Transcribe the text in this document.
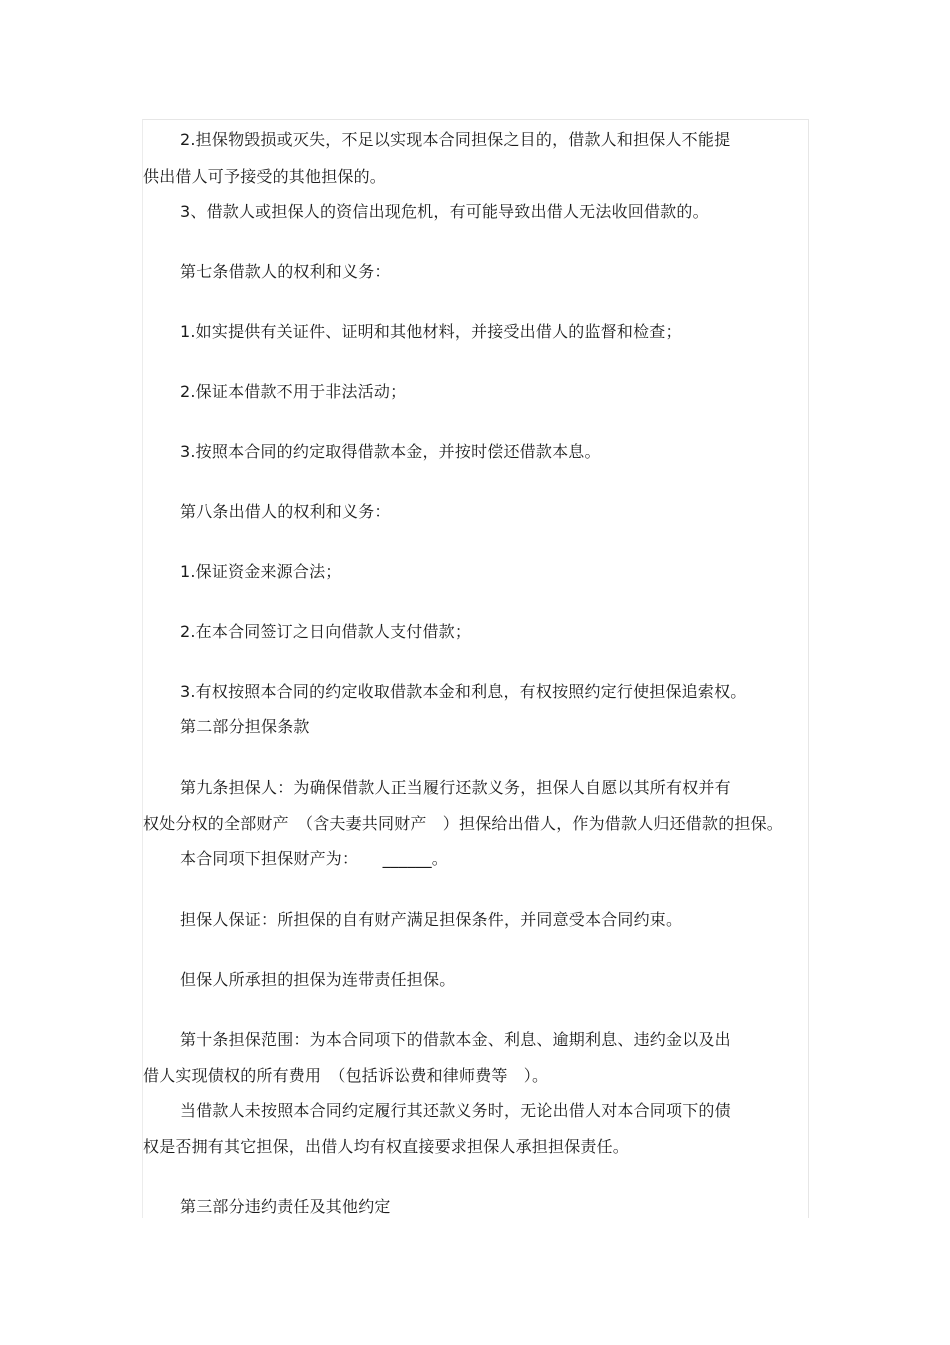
2.担保物毁损或灭失，不足以实现本合同担保之目的，借款人和担保人不能提
供出借人可予接受的其他担保的。
3、借款人或担保人的资信出现危机，有可能导致出借人无法收回借款的。
第七条借款人的权利和义务：
1.如实提供有关证件、证明和其他材料，并接受出借人的监督和检查；
2.保证本借款不用于非法活动；
3.按照本合同的约定取得借款本金，并按时偿还借款本息。
第八条出借人的权利和义务：
1.保证资金来源合法；
2.在本合同签订之日向借款人支付借款；
3.有权按照本合同的约定收取借款本金和利息，有权按照约定行使担保追索权。
第二部分担保条款
第九条担保人：为确保借款人正当履行还款义务，担保人自愿以其所有权并有
权处分权的全部财产　（含夫妻共同财产　）担保给出借人，作为借款人归还借款的担保。
本合同项下担保财产为：　　______。
担保人保证：所担保的自有财产满足担保条件，并同意受本合同约束。
但保人所承担的担保为连带责任担保。
第十条担保范围：为本合同项下的借款本金、利息、逾期利息、违约金以及出
借人实现债权的所有费用　（包括诉讼费和律师费等　）。
当借款人未按照本合同约定履行其还款义务时，无论出借人对本合同项下的债
权是否拥有其它担保，出借人均有权直接要求担保人承担担保责任。
第三部分违约责任及其他约定
